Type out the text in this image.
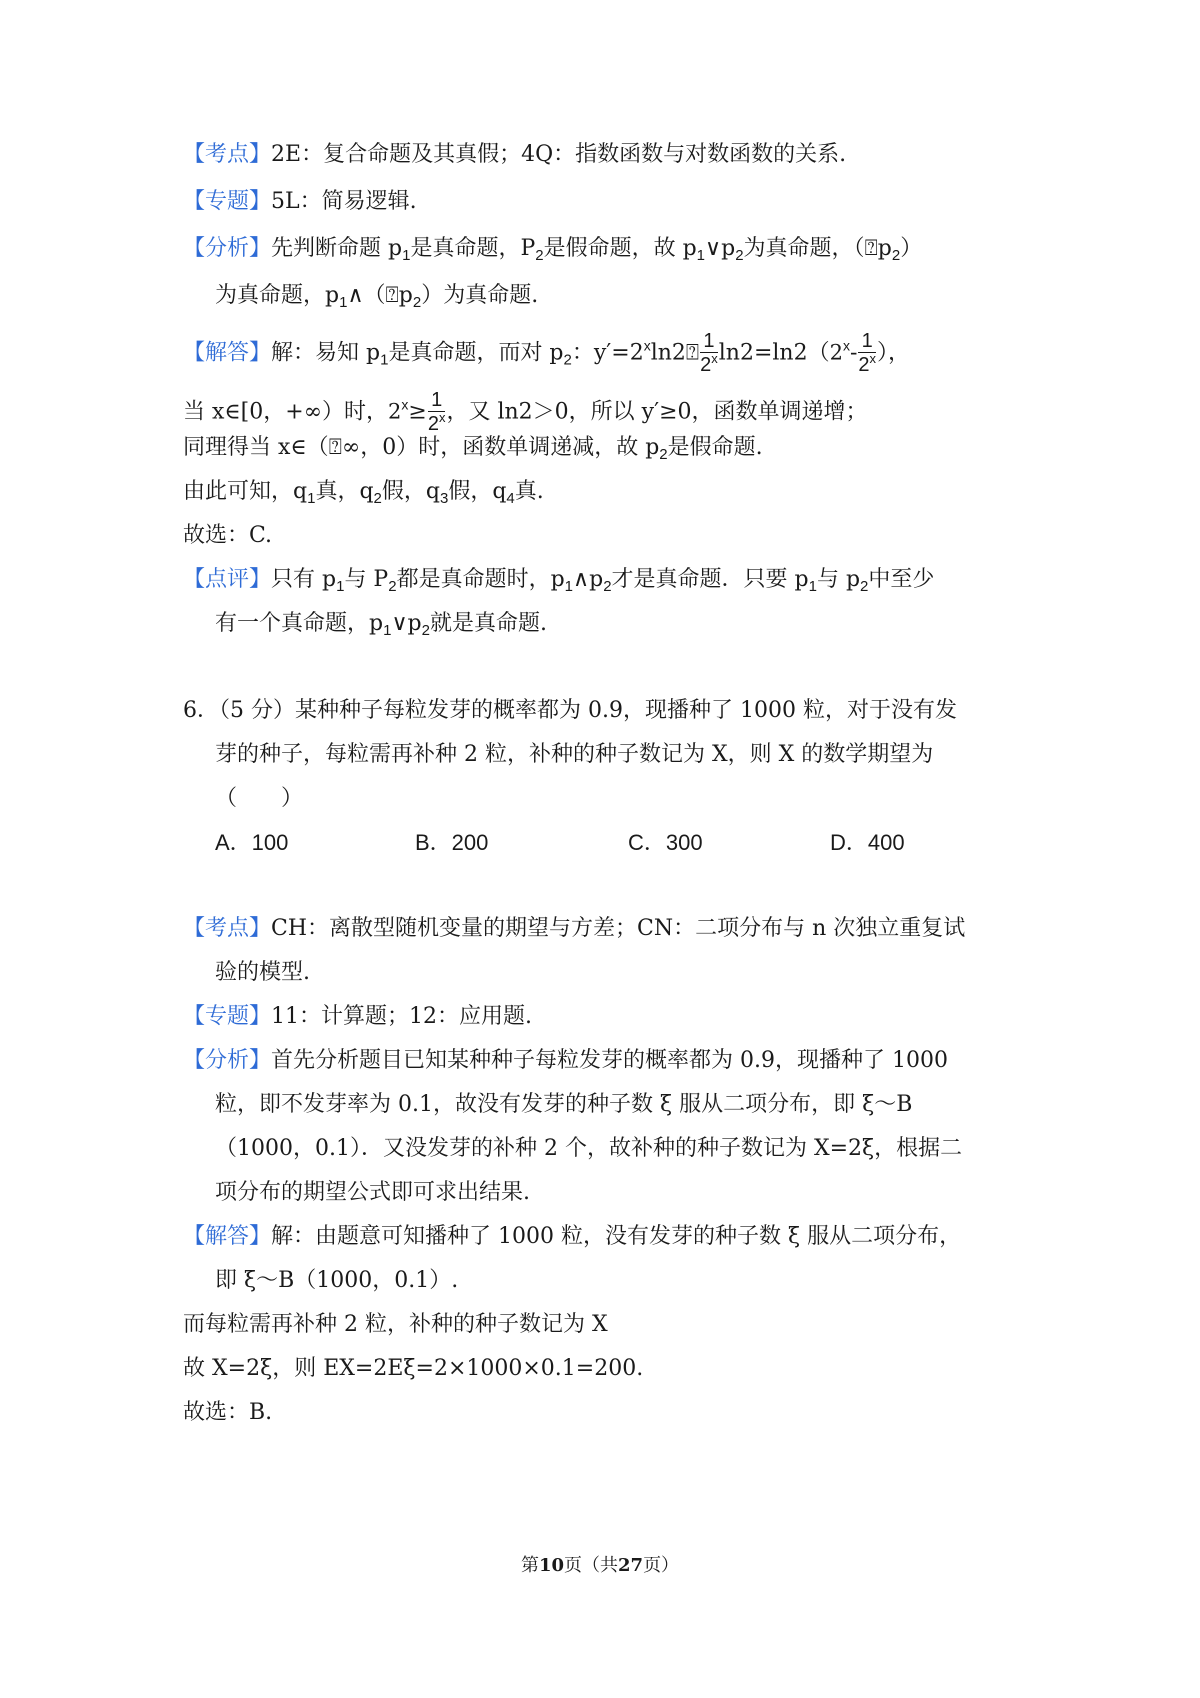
【考点】2E：复合命题及其真假；4Q：指数函数与对数函数的关系.
【专题】5L：简易逻辑.
【分析】先判断命题 $p_1$是真命题，$P_2$是假命题，故 $p_1\vee p_2$为真命题，$(⍰p_2)$
为真命题，$p_1\wedge(⍰p_2)$为真命题.
【解答】解：易知 $p_1$是真命题，而对 $p_2$：$y'=2^x\ln 2⍰ \frac{1}{2^x} \ln 2=\ln 2(2^x- \frac{1}{2^x}$ ），
当 x∈[0，+∞）时，$2^x\ge \frac{1}{2^x}$ ，又 ln2＞0，所以 y′≥0，函数单调递增；
同理得当 x∈（⍰∞，0）时，函数单调递减，故 $p_2$是假命题.
由此可知，$q_1$真，$q_2$假，$q_3$假，$q_4$真.
故选：C.
【点评】只有 $p_1$与 $P_2$都是真命题时，$p_1\wedge p_2$才是真命题．只要 $p_1$与 $p_2$中至少
有一个真命题，$p_1\vee p_2$就是真命题.
6．（5 分）某种种子每粒发芽的概率都为 0.9，现播种了 1000 粒，对于没有发
芽的种子，每粒需再补种 2 粒，补种的种子数记为 X，则 X 的数学期望为
（　　）
A．100	B．200	C．300	D．400
【考点】CH：离散型随机变量的期望与方差；CN：二项分布与 n 次独立重复试
验的模型.
【专题】11：计算题；12：应用题.
【分析】首先分析题目已知某种种子每粒发芽的概率都为 0.9，现播种了 1000
粒，即不发芽率为 0.1，故没有发芽的种子数 ξ 服从二项分布，即 ξ～B
（1000，0.1）．又没发芽的补种 2 个，故补种的种子数记为 X=2ξ，根据二
项分布的期望公式即可求出结果.
【解答】解：由题意可知播种了 1000 粒，没有发芽的种子数 ξ 服从二项分布，
即 ξ～B（1000，0.1）.
而每粒需再补种 2 粒，补种的种子数记为 X
故 X=2ξ，则 EX=2Eξ=2×1000×0.1=200.
故选：B.
第10页（共27页）
